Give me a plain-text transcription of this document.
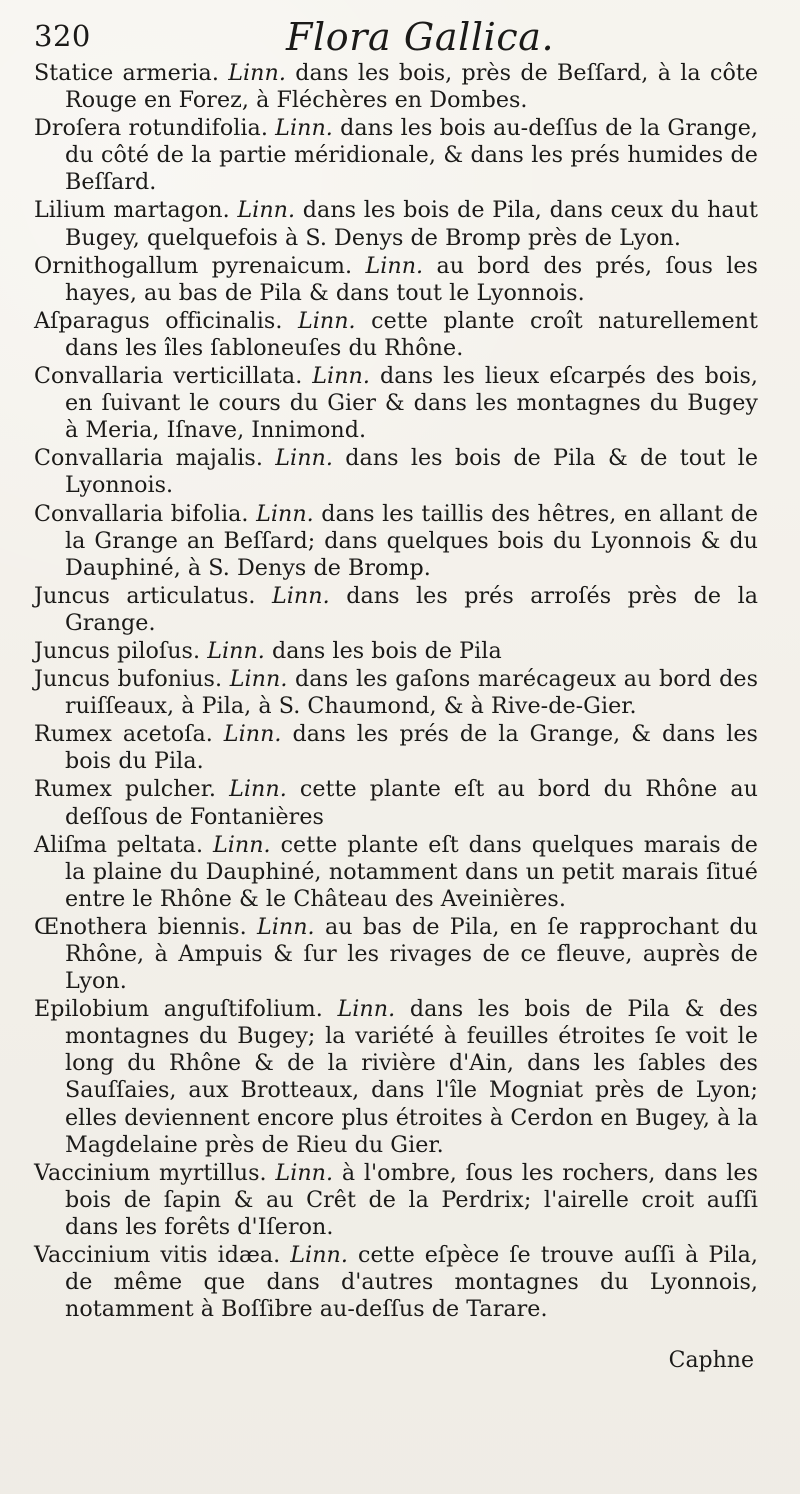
320	Flora Gallica.

Statice armeria. Linn. dans les bois, près de Beſſard, à la côte Rouge en Forez, à Fléchères en Dombes.

Droſera rotundifolia. Linn. dans les bois au-deſſus de la Grange, du côté de la partie méridionale, & dans les prés humides de Beſſard.

Lilium martagon. Linn. dans les bois de Pila, dans ceux du haut Bugey, quelquefois à S. Denys de Bromp près de Lyon.

Ornithogallum pyrenaicum. Linn. au bord des prés, ſous les hayes, au bas de Pila & dans tout le Lyonnois.

Aſparagus officinalis. Linn. cette plante croît naturellement dans les îles ſabloneuſes du Rhône.

Convallaria verticillata. Linn. dans les lieux eſcarpés des bois, en ſuivant le cours du Gier & dans les montagnes du Bugey à Meria, Iſnave, Innimond.

Convallaria majalis. Linn. dans les bois de Pila & de tout le Lyonnois.

Convallaria bifolia. Linn. dans les taillis des hêtres, en allant de la Grange an Beſſard; dans quelques bois du Lyonnois & du Dauphiné, à S. Denys de Bromp.

Juncus articulatus. Linn. dans les prés arroſés près de la Grange.

Juncus piloſus. Linn. dans les bois de Pila

Juncus bufonius. Linn. dans les gaſons marécageux au bord des ruiſſeaux, à Pila, à S. Chaumond, & à Rive-de-Gier.

Rumex acetoſa. Linn. dans les prés de la Grange, & dans les bois du Pila.

Rumex pulcher. Linn. cette plante eſt au bord du Rhône au deſſous de Fontanières

Aliſma peltata. Linn. cette plante eſt dans quelques marais de la plaine du Dauphiné, notamment dans un petit marais ſitué entre le Rhône & le Château des Aveinières.

Œnothera biennis. Linn. au bas de Pila, en ſe rapprochant du Rhône, à Ampuis & ſur les rivages de ce fleuve, auprès de Lyon.

Epilobium anguſtifolium. Linn. dans les bois de Pila & des montagnes du Bugey; la variété à feuilles étroites ſe voit le long du Rhône & de la rivière d'Ain, dans les ſables des Sauſſaies, aux Brotteaux, dans l'île Mogniat près de Lyon; elles deviennent encore plus étroites à Cerdon en Bugey, à la Magdelaine près de Rieu du Gier.

Vaccinium myrtillus. Linn. à l'ombre, ſous les rochers, dans les bois de ſapin & au Crêt de la Perdrix; l'airelle croit auſſi dans les forêts d'Iſeron.

Vaccinium vitis idæa. Linn. cette eſpèce ſe trouve auſſi à Pila, de même que dans d'autres montagnes du Lyonnois, notamment à Boſſibre au-deſſus de Tarare.

Caphne
